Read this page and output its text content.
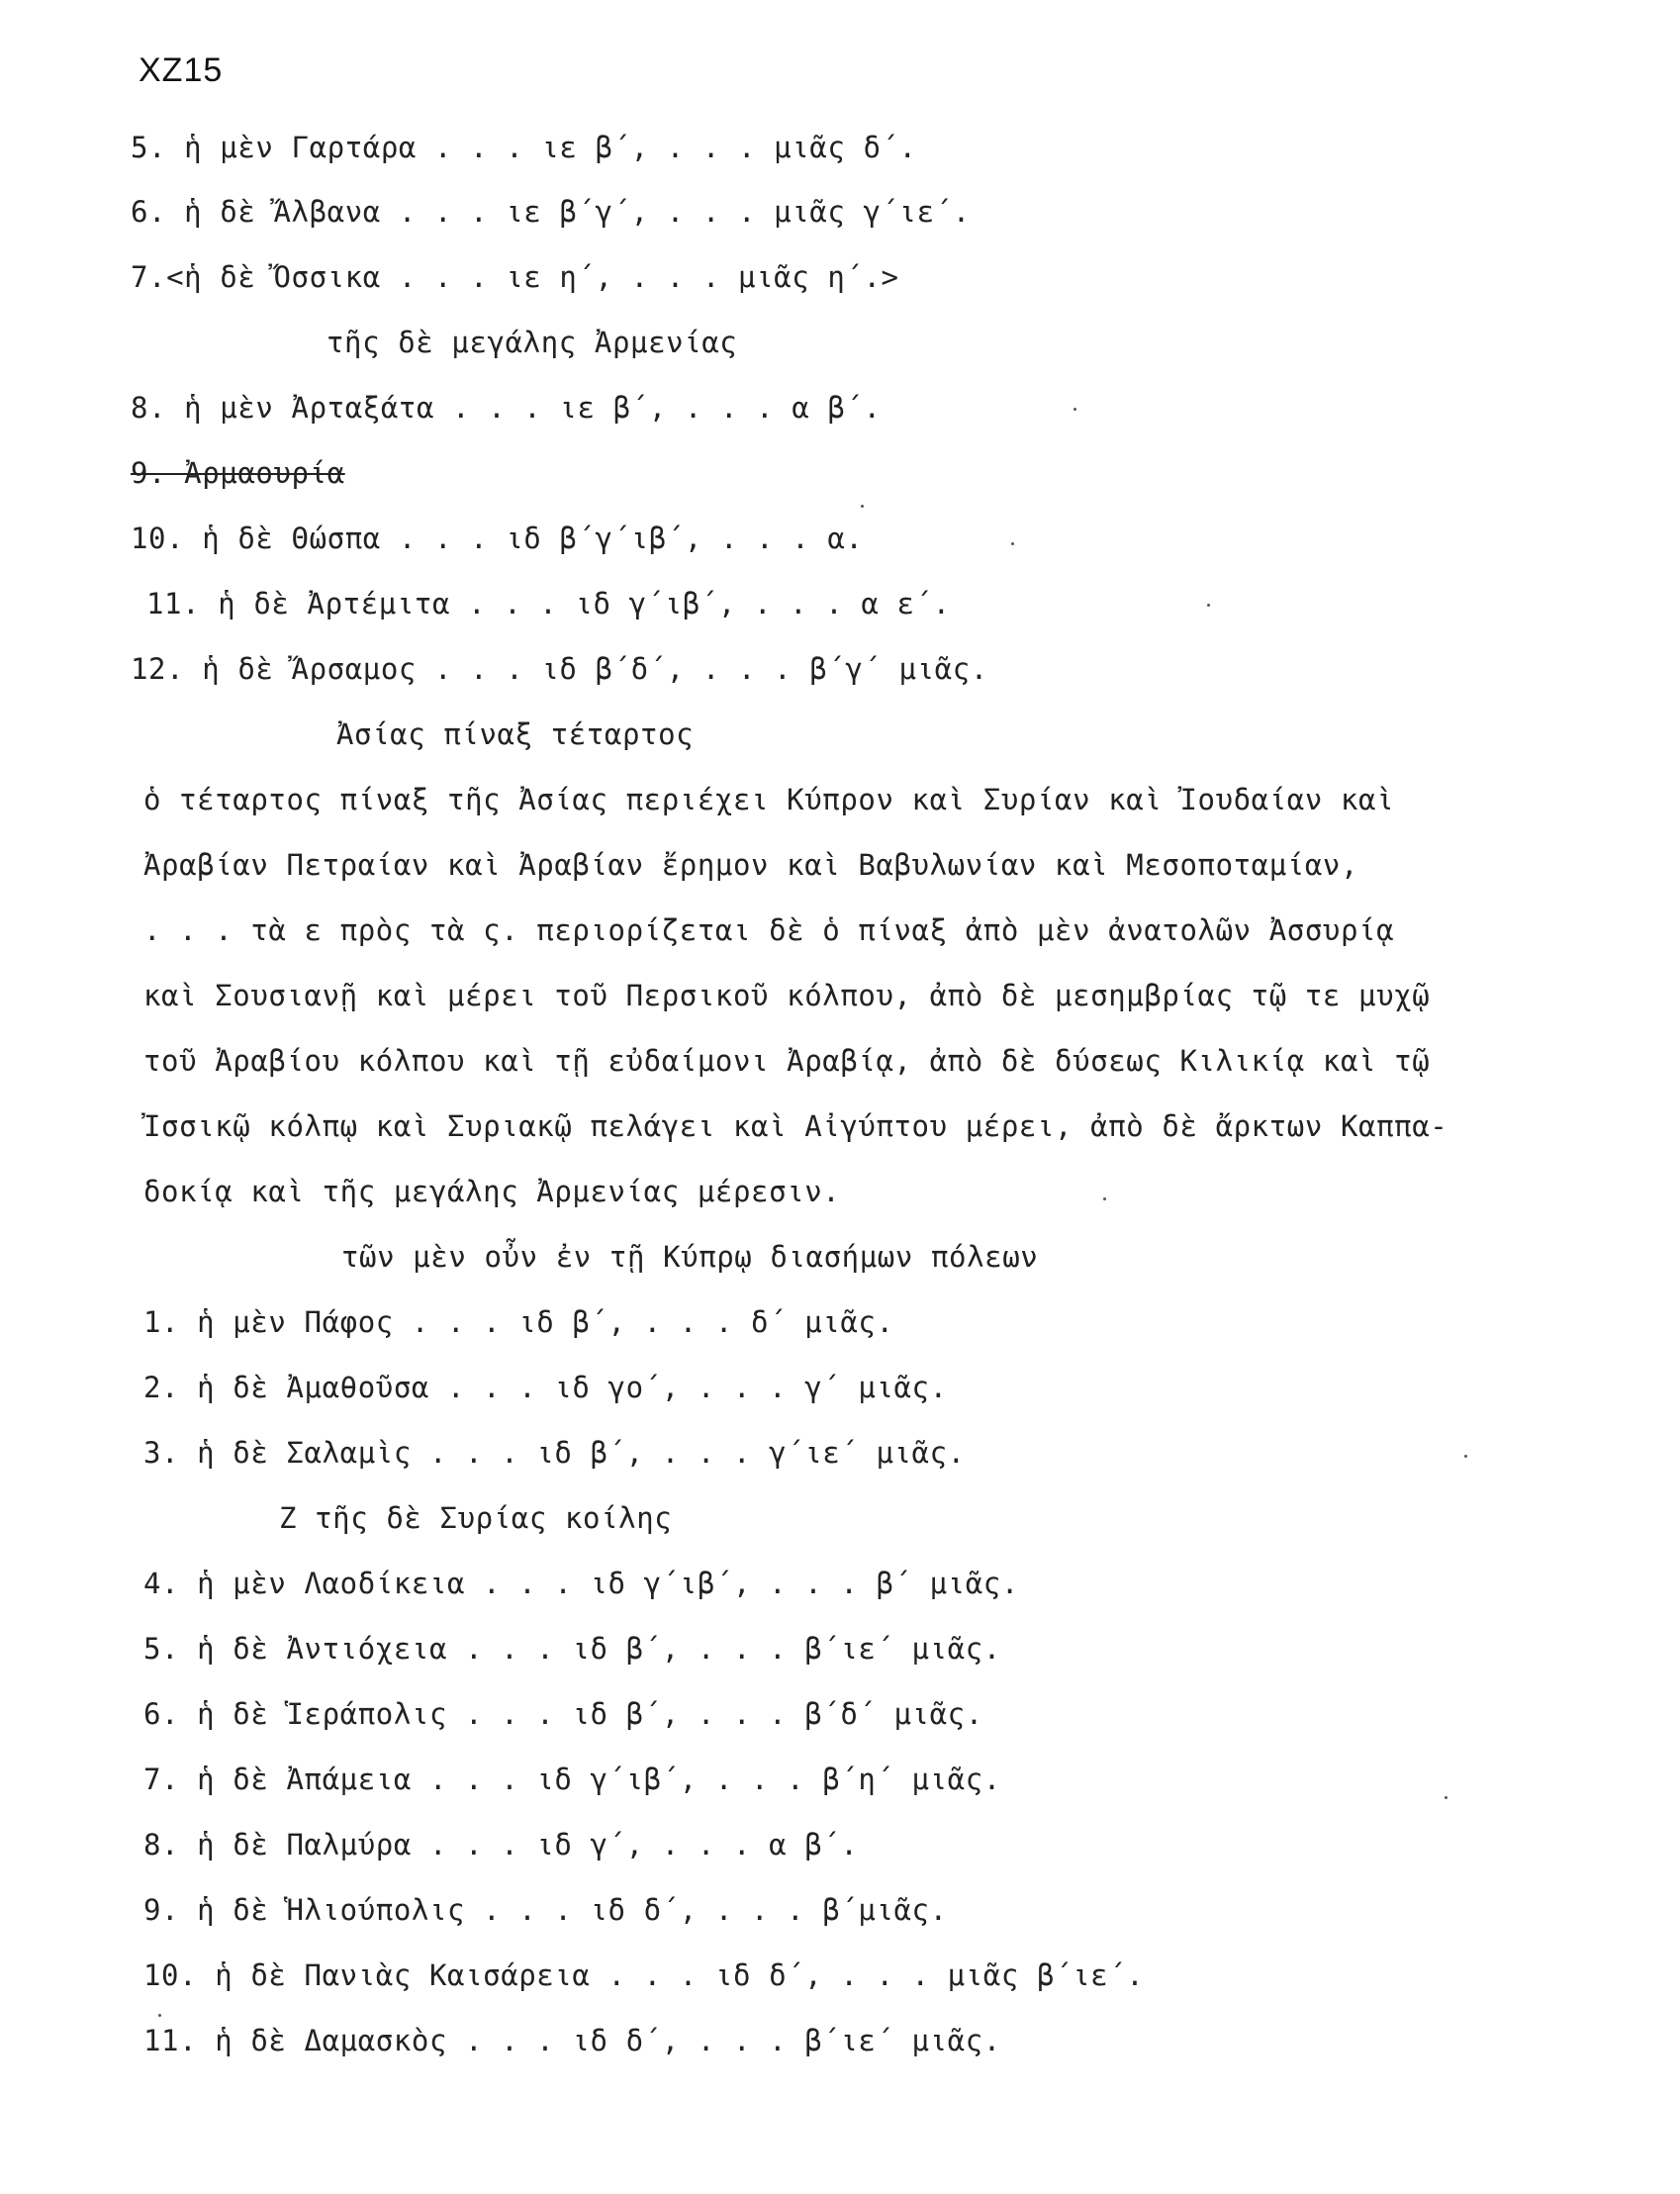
XZ15
5. ἡ μὲν Γαρτάρα . . . ιε β΄, . . . μιᾶς δ΄.
6. ἡ δὲ Ἄλβανα . . . ιε β΄γ΄, . . . μιᾶς γ΄ιε΄.
7.<ἡ δὲ Ὄσσικα . . . ιε η΄, . . . μιᾶς η΄.>
τῆς δὲ μεγάλης Ἀρμενίας
8. ἡ μὲν Ἀρταξάτα . . . ιε β΄, . . . α β΄.
9. Ἀρμαουρία
10. ἡ δὲ Θώσπα . . . ιδ β΄γ΄ιβ΄, . . . α.
11. ἡ δὲ Ἀρτέμιτα . . . ιδ γ΄ιβ΄, . . . α ε΄.
12. ἡ δὲ Ἄρσαμος . . . ιδ β΄δ΄, . . . β΄γ΄ μιᾶς.
Ἀσίας πίναξ τέταρτος
ὁ τέταρτος πίναξ τῆς Ἀσίας περιέχει Κύπρον καὶ Συρίαν καὶ Ἰουδαίαν καὶ
Ἀραβίαν Πετραίαν καὶ Ἀραβίαν ἔρημον καὶ Βαβυλωνίαν καὶ Μεσοποταμίαν,
. . . τὰ ε πρὸς τὰ ς. περιορίζεται δὲ ὁ πίναξ ἀπὸ μὲν ἀνατολῶν Ἀσσυρίᾳ
καὶ Σουσιανῇ καὶ μέρει τοῦ Περσικοῦ κόλπου, ἀπὸ δὲ μεσημβρίας τῷ τε μυχῷ
τοῦ Ἀραβίου κόλπου καὶ τῇ εὐδαίμονι Ἀραβίᾳ, ἀπὸ δὲ δύσεως Κιλικίᾳ καὶ τῷ
Ἰσσικῷ κόλπῳ καὶ Συριακῷ πελάγει καὶ Αἰγύπτου μέρει, ἀπὸ δὲ ἄρκτων Καππα-
δοκίᾳ καὶ τῆς μεγάλης Ἀρμενίας μέρεσιν.
τῶν μὲν οὖν ἐν τῇ Κύπρῳ διασήμων πόλεων
1. ἡ μὲν Πάφος . . . ιδ β΄, . . . δ΄ μιᾶς.
2. ἡ δὲ Ἀμαθοῦσα . . . ιδ γο΄, . . . γ΄ μιᾶς.
3. ἡ δὲ Σαλαμὶς . . . ιδ β΄, . . . γ΄ιε΄ μιᾶς.
Ζ τῆς δὲ Συρίας κοίλης
4. ἡ μὲν Λαοδίκεια . . . ιδ γ΄ιβ΄, . . . β΄ μιᾶς.
5. ἡ δὲ Ἀντιόχεια . . . ιδ β΄, . . . β΄ιε΄ μιᾶς.
6. ἡ δὲ Ἱεράπολις . . . ιδ β΄, . . . β΄δ΄ μιᾶς.
7. ἡ δὲ Ἀπάμεια . . . ιδ γ΄ιβ΄, . . . β΄η΄ μιᾶς.
8. ἡ δὲ Παλμύρα . . . ιδ γ΄, . . . α β΄.
9. ἡ δὲ Ἡλιούπολις . . . ιδ δ΄, . . . β΄μιᾶς.
10. ἡ δὲ Πανιὰς Καισάρεια . . . ιδ δ΄, . . . μιᾶς β΄ιε΄.
11. ἡ δὲ Δαμασκὸς . . . ιδ δ΄, . . . β΄ιε΄ μιᾶς.
